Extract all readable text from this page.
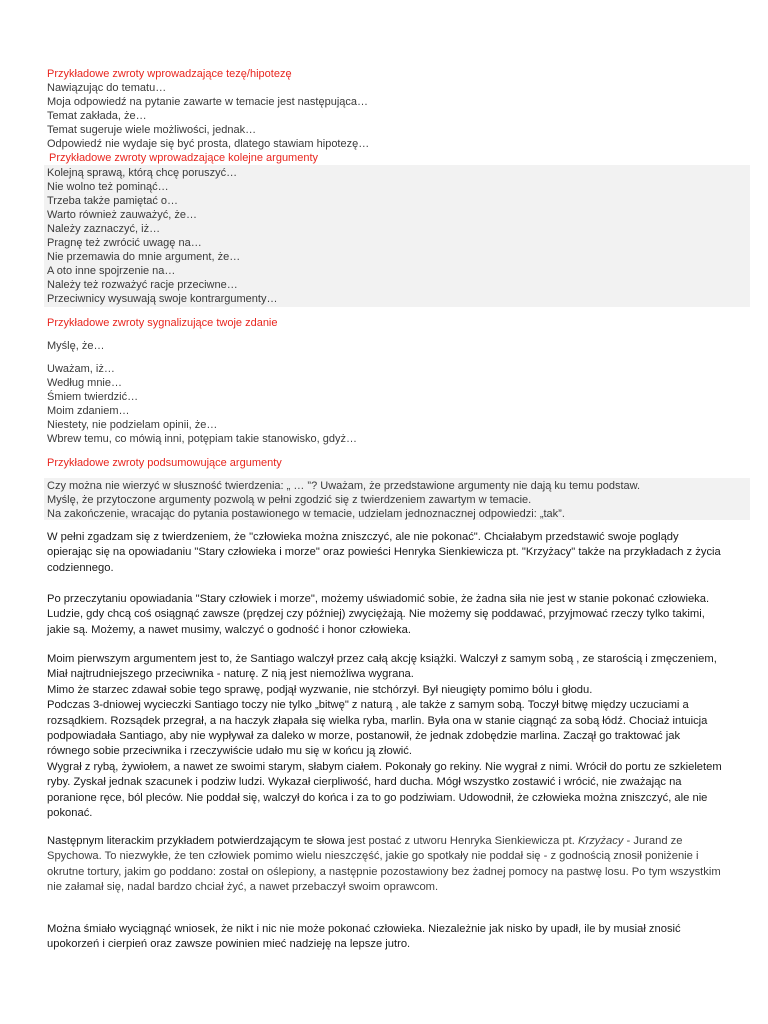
Przykładowe zwroty wprowadzające tezę/hipotezę
Nawiązując do tematu…
Moja odpowiedź na pytanie zawarte w temacie jest następująca…
Temat zakłada, że…
Temat sugeruje wiele możliwości, jednak…
Odpowiedź nie wydaje się być prosta, dlatego stawiam hipotezę…
Przykładowe zwroty wprowadzające kolejne argumenty
Kolejną sprawą, którą chcę poruszyć…
Nie wolno też pominąć…
Trzeba także pamiętać o…
Warto również zauważyć, że…
Należy zaznaczyć, iż…
Pragnę też zwrócić uwagę na…
Nie przemawia do mnie argument, że…
A oto inne spojrzenie na…
Należy też rozważyć racje przeciwne…
Przeciwnicy wysuwają swoje kontrargumenty…
Przykładowe zwroty sygnalizujące twoje zdanie
Myślę, że…
Uważam, iż…
Według mnie…
Śmiem twierdzić…
Moim zdaniem…
Niestety, nie podzielam opinii, że…
Wbrew temu, co mówią inni, potępiam takie stanowisko, gdyż…
Przykładowe zwroty podsumowujące argumenty
Czy można nie wierzyć w słuszność twierdzenia: „ … ”? Uważam, że przedstawione argumenty nie dają ku temu podstaw.
Myślę, że przytoczone argumenty pozwolą w pełni zgodzić się z twierdzeniem zawartym w temacie.
Na zakończenie, wracając do pytania postawionego w temacie, udzielam jednoznacznej odpowiedzi: „tak”.
W pełni zgadzam się z twierdzeniem, że "człowieka można zniszczyć, ale nie pokonać". Chciałabym przedstawić swoje poglądy opierając się na opowiadaniu "Stary człowieka i morze" oraz powieści Henryka Sienkiewicza pt. "Krzyżacy" także na przykładach z życia codziennego.
Po przeczytaniu opowiadania "Stary człowiek i morze", możemy uświadomić sobie, że żadna siła nie jest w stanie pokonać człowieka. Ludzie, gdy chcą coś osiągnąć zawsze (prędzej czy później) zwyciężają. Nie możemy się poddawać, przyjmować rzeczy tylko takimi, jakie są. Możemy, a nawet musimy, walczyć o godność i honor człowieka.
Moim pierwszym argumentem jest to, że Santiago walczył przez całą akcję książki. Walczył z samym sobą , ze starością i zmęczeniem, Miał najtrudniejszego przeciwnika - naturę. Z nią jest niemożliwa wygrana.
Mimo że starzec zdawał sobie tego sprawę, podjął wyzwanie, nie stchórzył. Był nieugięty pomimo bólu i głodu.
Podczas 3-dniowej wycieczki Santiago toczy nie tylko „bitwę" z naturą , ale także z samym sobą. Toczył bitwę między uczuciami a rozsądkiem. Rozsądek przegrał, a na haczyk złapała się wielka ryba, marlin. Była ona w stanie ciągnąć za sobą łódź. Chociaż intuicja podpowiadała Santiago, aby nie wypływał za daleko w morze, postanowił, że jednak zdobędzie marlina. Zaczął go traktować jak równego sobie przeciwnika i rzeczywiście udało mu się w końcu ją złowić.
Wygrał z rybą, żywiołem, a nawet ze swoimi starym, słabym ciałem. Pokonały go rekiny. Nie wygrał z nimi. Wrócił do portu ze szkieletem ryby. Zyskał jednak szacunek i podziw ludzi. Wykazał cierpliwość, hard ducha. Mógł wszystko zostawić i wrócić, nie zważając na poranione ręce, ból pleców. Nie poddał się, walczył do końca i za to go podziwiam. Udowodnił, że człowieka można zniszczyć, ale nie pokonać.
Następnym literackim przykładem potwierdzającym te słowa jest postać z utworu Henryka Sienkiewicza pt. Krzyżacy - Jurand ze Spychowa. To niezwykłe, że ten człowiek pomimo wielu nieszczęść, jakie go spotkały nie poddał się - z godnością znosił poniżenie i okrutne tortury, jakim go poddano: został on oślepiony, a następnie pozostawiony bez żadnej pomocy na pastwę losu. Po tym wszystkim nie załamał się, nadal bardzo chciał żyć, a nawet przebaczył swoim oprawcom.
Można śmiało wyciągnąć wniosek, że nikt i nic nie może pokonać człowieka. Niezależnie jak nisko by upadł, ile by musiał znosić upokorzeń i cierpień oraz zawsze powinien mieć nadzieję na lepsze jutro.
